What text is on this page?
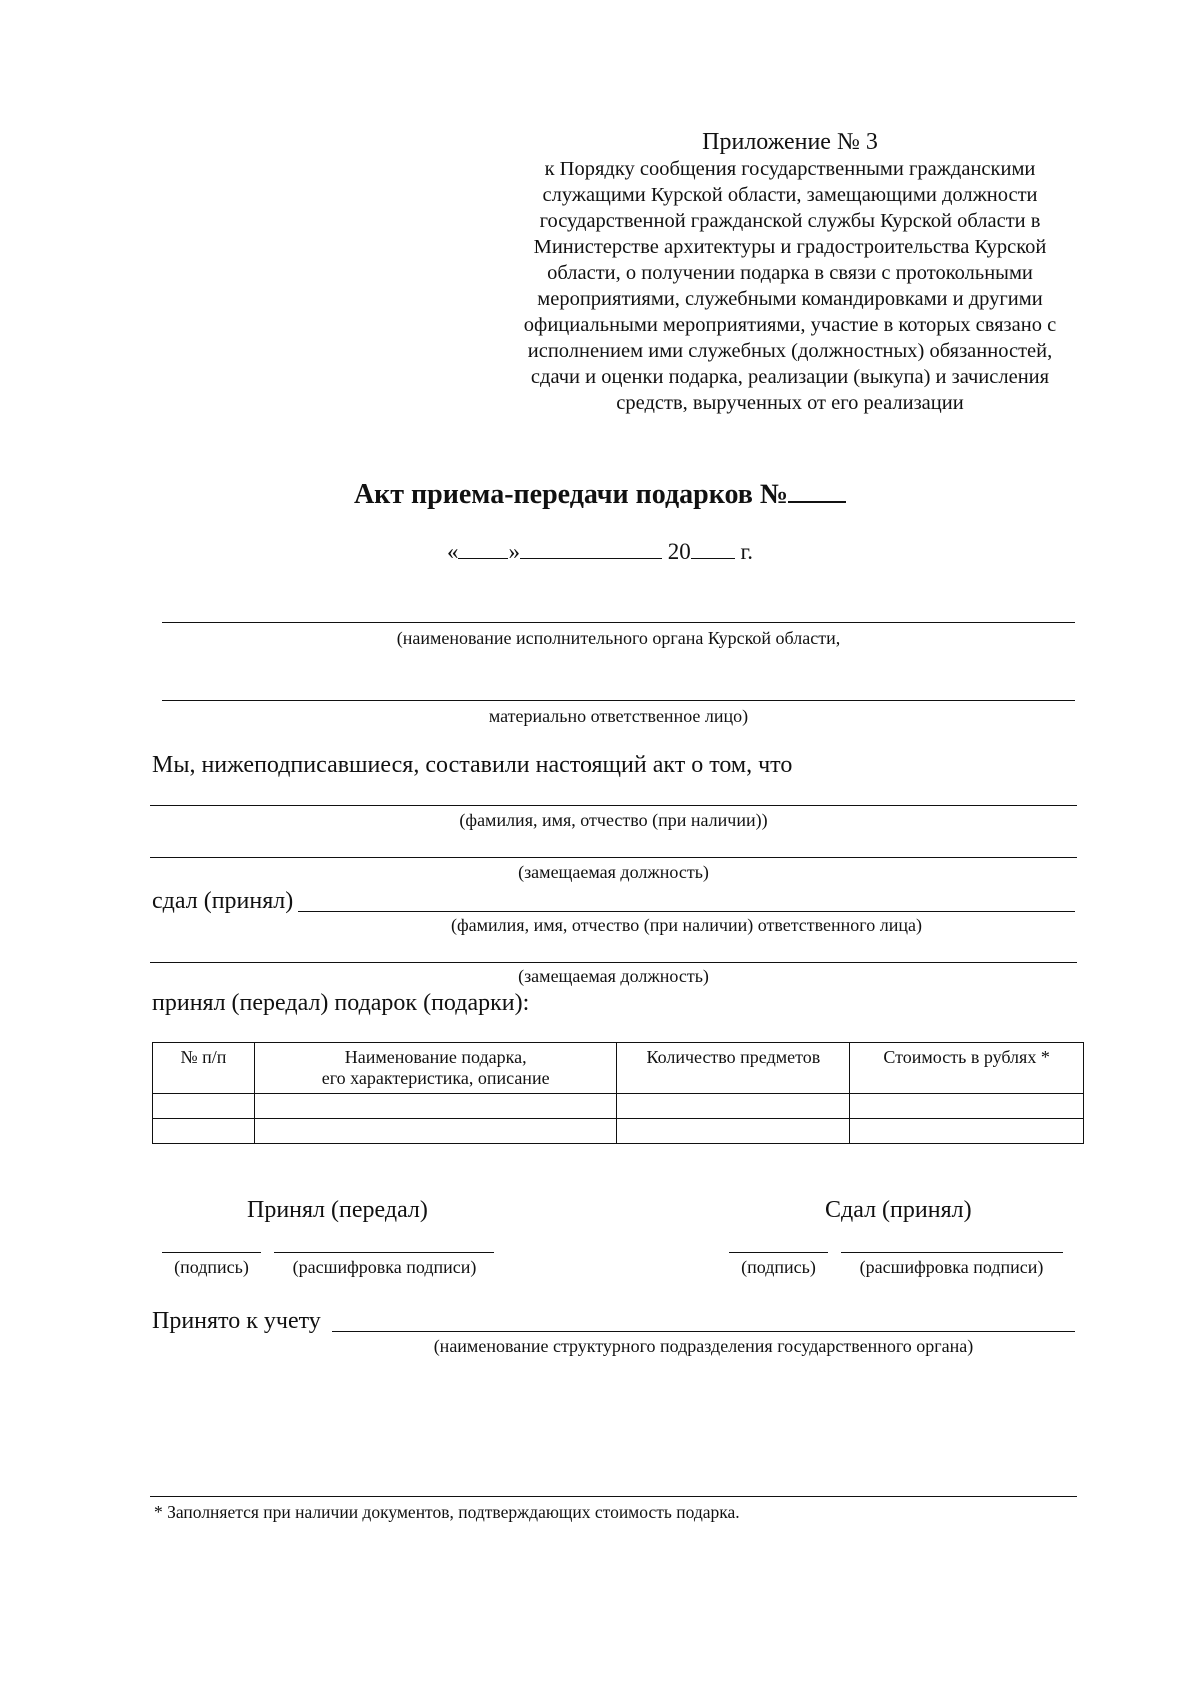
Приложение № 3
к Порядку сообщения государственными гражданскими
служащими Курской области, замещающими должности
государственной гражданской службы Курской области в
Министерстве архитектуры и градостроительства Курской
области, о получении подарка в связи с протокольными
мероприятиями, служебными командировками и другими
официальными мероприятиями, участие в которых связано с
исполнением ими служебных (должностных) обязанностей,
сдачи и оценки подарка, реализации (выкупа) и зачисления
средств, вырученных от его реализации
Акт приема-передачи подарков №
« »	20 г.
(наименование исполнительного органа Курской области,
материально ответственное лицо)
Мы, нижеподписавшиеся, составили настоящий акт о том, что
(фамилия, имя, отчество (при наличии))
(замещаемая должность)
сдал (принял)
(фамилия, имя, отчество (при наличии) ответственного лица)
(замещаемая должность)
принял (передал) подарок (подарки):
№ п/п	Наименование подарка,
его характеристика, описание	Количество предметов	Стоимость в рублях *

Принял (передал)	Сдал (принял)
(подпись)	(расшифровка подписи)	(подпись)	(расшифровка подписи)
Принято к учету
(наименование структурного подразделения государственного органа)
* Заполняется при наличии документов, подтверждающих стоимость подарка.
